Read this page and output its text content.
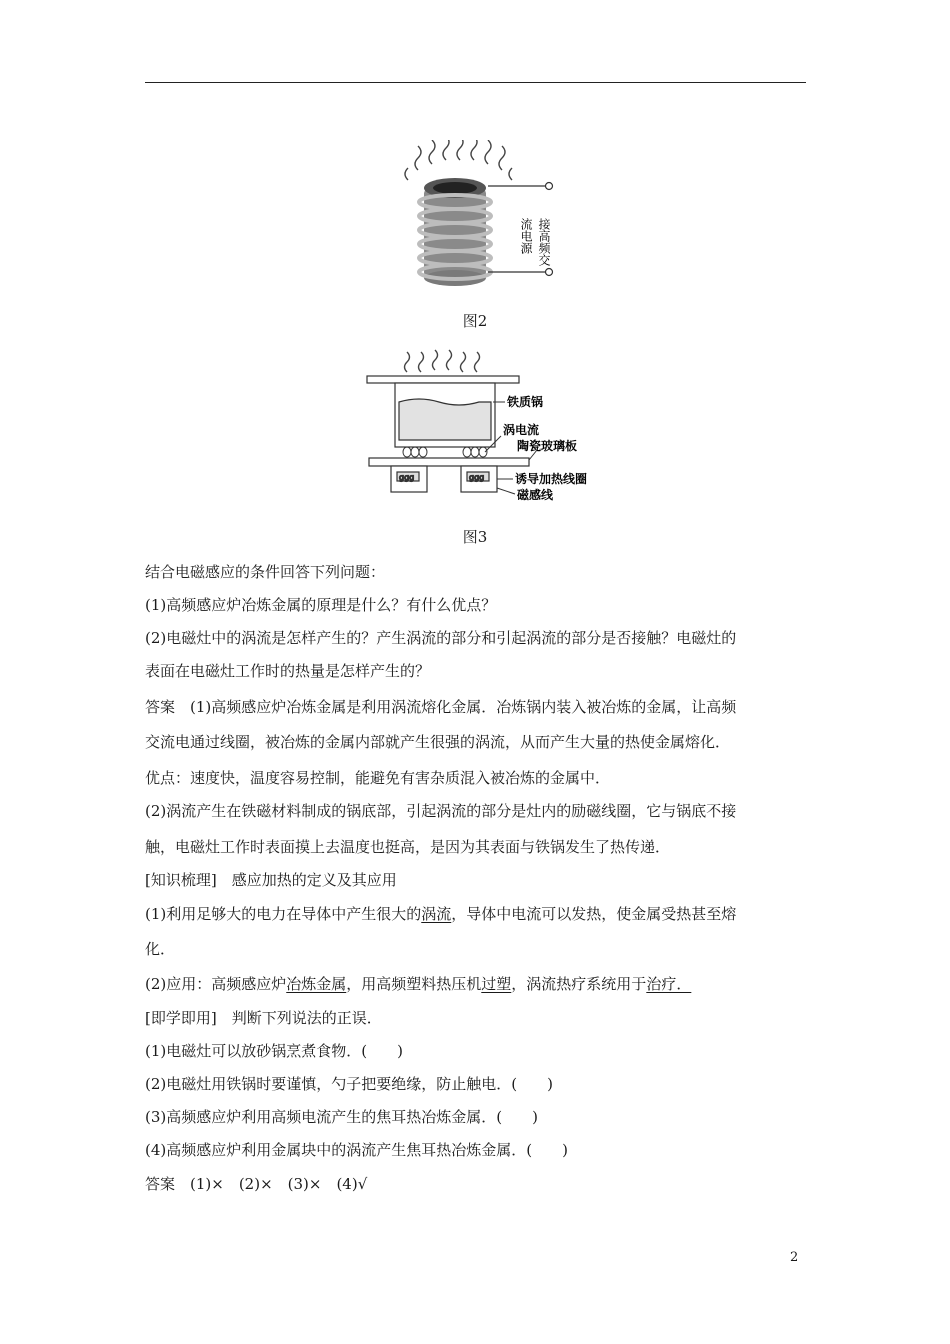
接高频交
流电源
图2
ggg	ggg
铁质锅
涡电流
陶瓷玻璃板
诱导加热线圈
磁感线
图3
结合电磁感应的条件回答下列问题：
(1)高频感应炉冶炼金属的原理是什么？有什么优点？
(2)电磁灶中的涡流是怎样产生的？产生涡流的部分和引起涡流的部分是否接触？电磁灶的
表面在电磁灶工作时的热量是怎样产生的？
答案　(1)高频感应炉冶炼金属是利用涡流熔化金属．冶炼锅内装入被冶炼的金属，让高频
交流电通过线圈，被冶炼的金属内部就产生很强的涡流，从而产生大量的热使金属熔化．
优点：速度快，温度容易控制，能避免有害杂质混入被冶炼的金属中．
(2)涡流产生在铁磁材料制成的锅底部，引起涡流的部分是灶内的励磁线圈，它与锅底不接
触，电磁灶工作时表面摸上去温度也挺高，是因为其表面与铁锅发生了热传递．
[知识梳理]　感应加热的定义及其应用
(1)利用足够大的电力在导体中产生很大的涡流，导体中电流可以发热，使金属受热甚至熔
化．
(2)应用：高频感应炉冶炼金属，用高频塑料热压机过塑，涡流热疗系统用于治疗．
[即学即用]　判断下列说法的正误．
(1)电磁灶可以放砂锅烹煮食物．(　　)
(2)电磁灶用铁锅时要谨慎，勺子把要绝缘，防止触电．(　　)
(3)高频感应炉利用高频电流产生的焦耳热冶炼金属．(　　)
(4)高频感应炉利用金属块中的涡流产生焦耳热冶炼金属．(　　)
答案　(1)×　(2)×　(3)×　(4)√
2
